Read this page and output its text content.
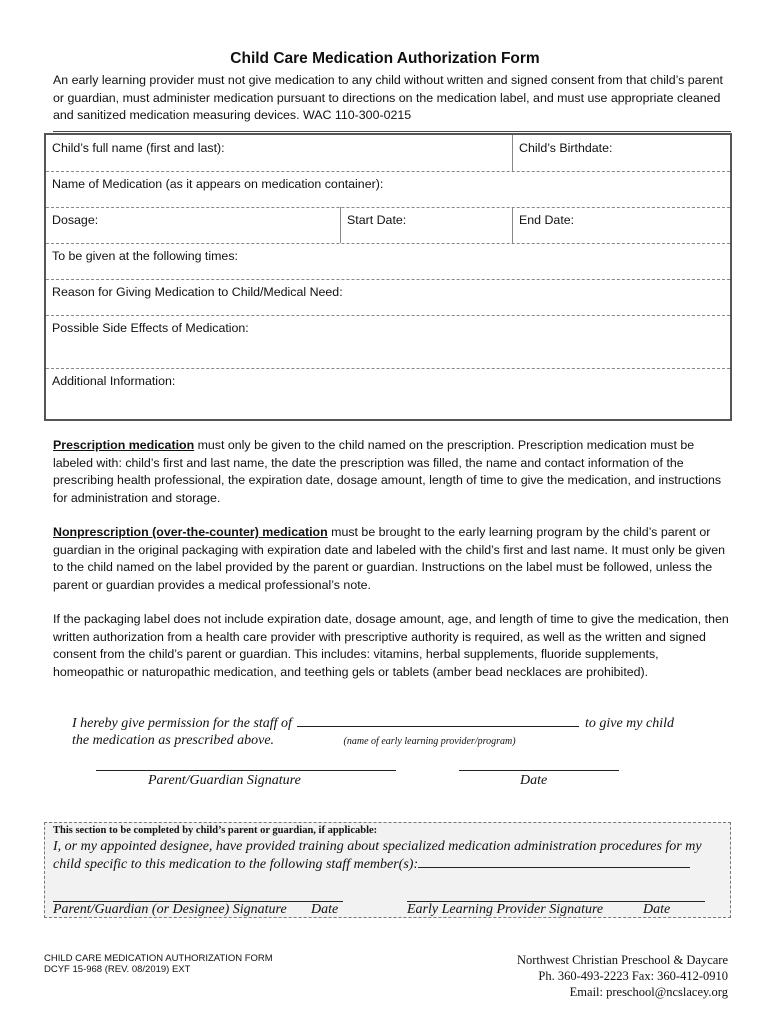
Child Care Medication Authorization Form
An early learning provider must not give medication to any child without written and signed consent from that child’s parent or guardian, must administer medication pursuant to directions on the medication label, and must use appropriate cleaned and sanitized medication measuring devices. WAC 110-300-0215
Child’s full name (first and last):	Child’s Birthdate:
Name of Medication (as it appears on medication container):
Dosage:	Start Date:	End Date:
To be given at the following times:
Reason for Giving Medication to Child/Medical Need:
Possible Side Effects of Medication:
Additional Information:
Prescription medication must only be given to the child named on the prescription. Prescription medication must be labeled with: child’s first and last name, the date the prescription was filled, the name and contact information of the prescribing health professional, the expiration date, dosage amount, length of time to give the medication, and instructions for administration and storage.
Nonprescription (over-the-counter) medication must be brought to the early learning program by the child’s parent or guardian in the original packaging with expiration date and labeled with the child’s first and last name. It must only be given to the child named on the label provided by the parent or guardian. Instructions on the label must be followed, unless the parent or guardian provides a medical professional’s note.
If the packaging label does not include expiration date, dosage amount, age, and length of time to give the medication, then written authorization from a health care provider with prescriptive authority is required, as well as the written and signed consent from the child’s parent or guardian. This includes: vitamins, herbal supplements, fluoride supplements, homeopathic or naturopathic medication, and teething gels or tablets (amber bead necklaces are prohibited).
I hereby give permission for the staff of	to give my child
the medication as prescribed above.	(name of early learning provider/program)
Parent/Guardian Signature	Date
This section to be completed by child’s parent or guardian, if applicable:
I, or my appointed designee, have provided training about specialized medication administration procedures for my child specific to this medication to the following staff member(s):
Parent/Guardian (or Designee) Signature Date	Early Learning Provider Signature	Date
CHILD CARE MEDICATION AUTHORIZATION FORM
DCYF 15-968 (REV. 08/2019) EXT
Northwest Christian Preschool & Daycare
Ph. 360-493-2223 Fax: 360-412-0910
Email: preschool@ncslacey.org
